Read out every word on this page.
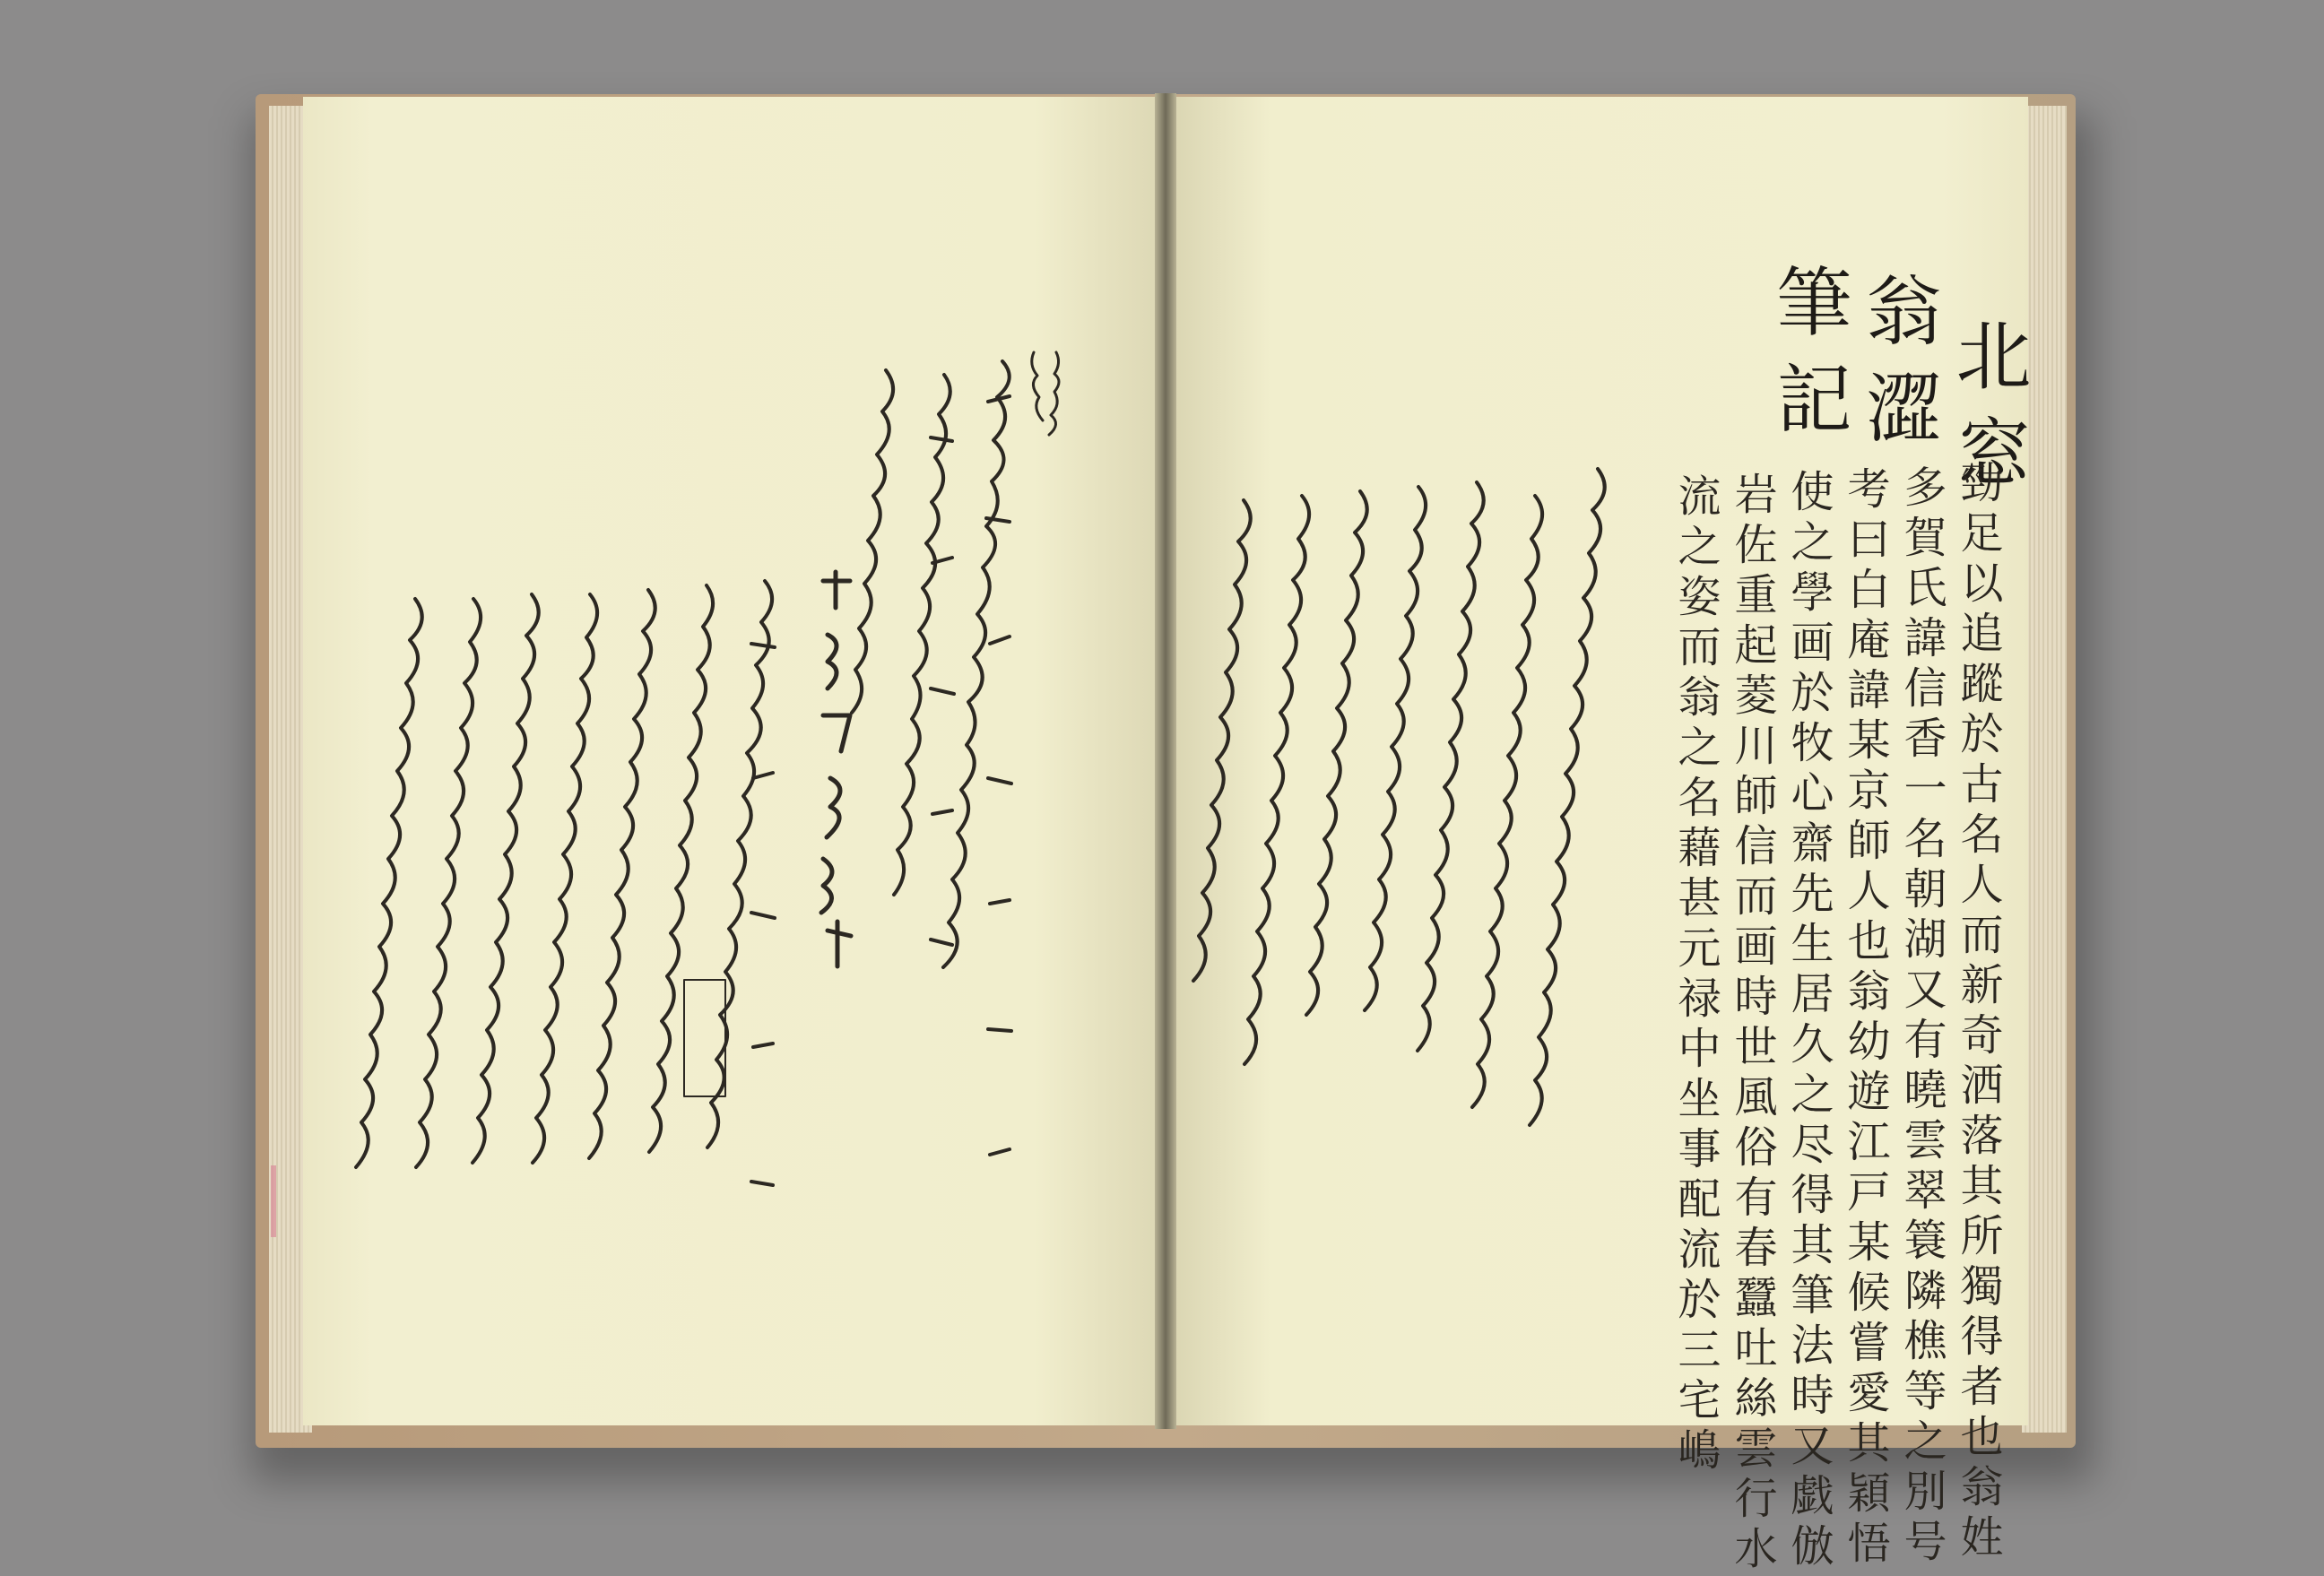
北窓
翁澀
筆記
勁足以追蹤於古名人而新奇洒落其所獨得者也翁姓
多賀氏諱信香一名朝湖又有曉雲翠簑隣樵等之別号
考曰白庵諱某京師人也翁幼遊江戸某候嘗愛其穎悟
使之學画於牧心齋先生居久之尽得其筆法時又戯倣
岩佐重起菱川師信而画時世風俗有春蠶吐絲雲行水
流之姿而翁之名藉甚元禄中坐事配流於三宅嶋
